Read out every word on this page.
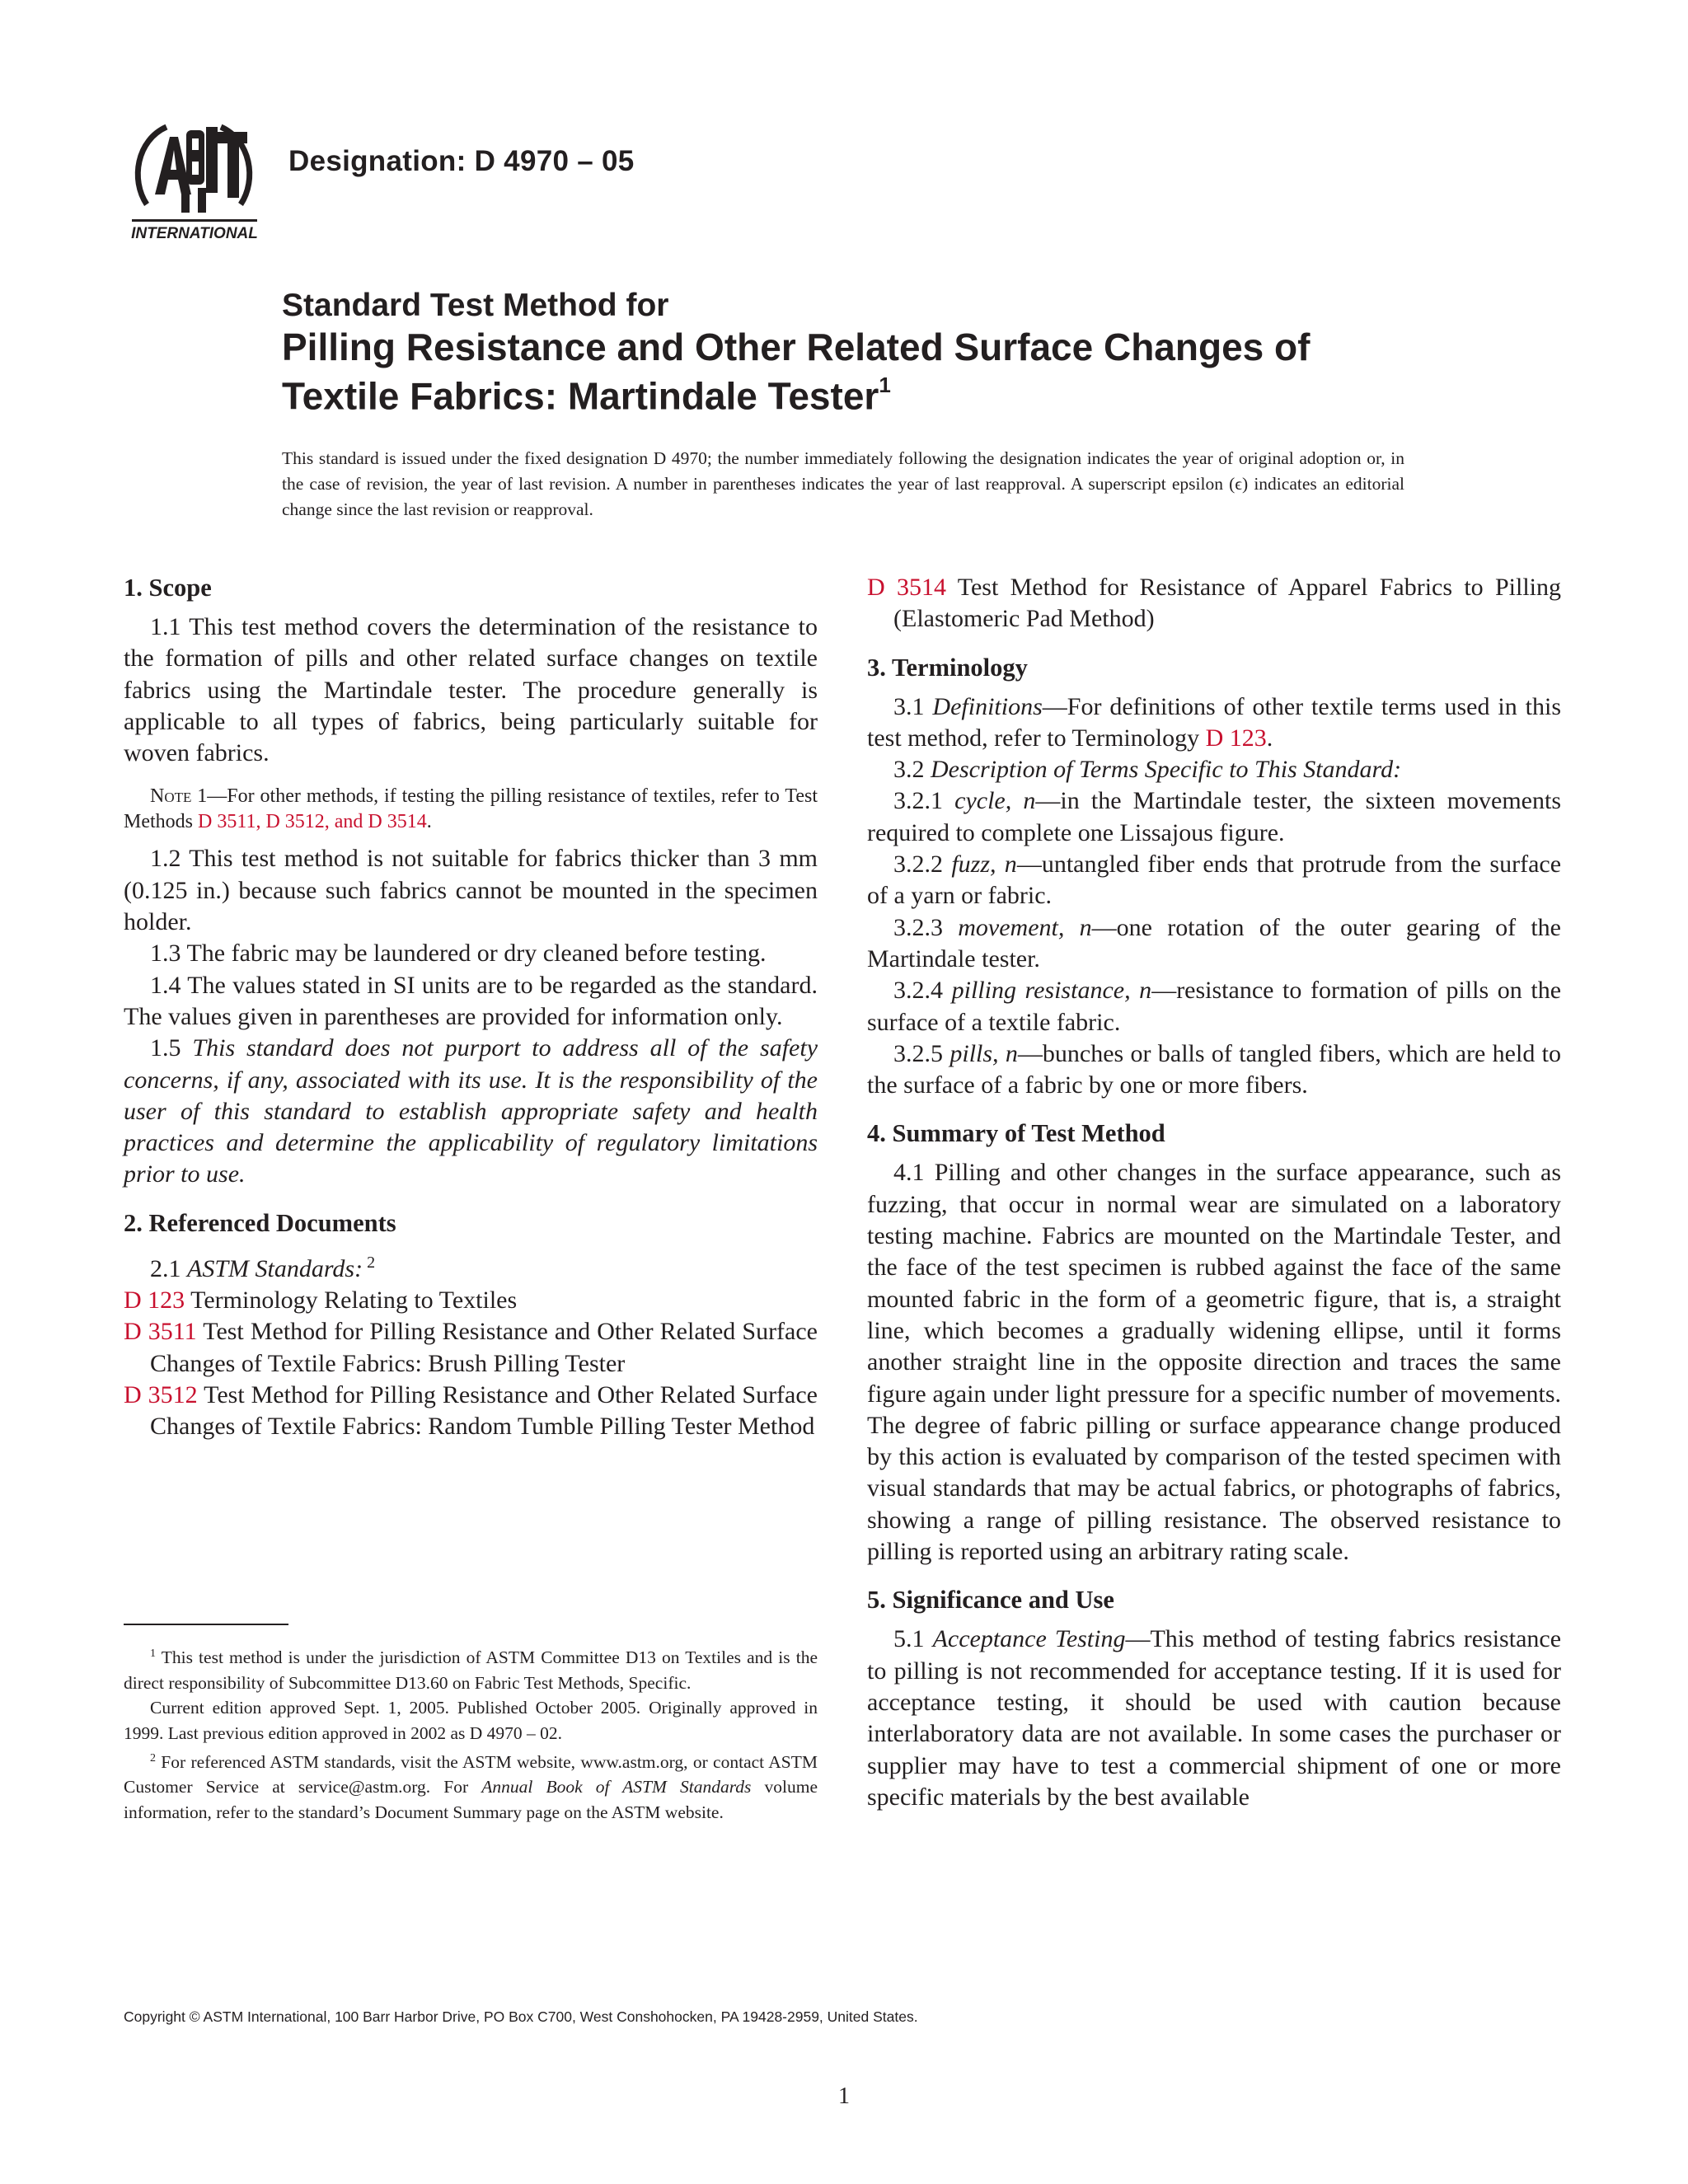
INTERNATIONAL
Designation: D 4970 – 05
Standard Test Method for
Pilling Resistance and Other Related Surface Changes of
Textile Fabrics: Martindale Tester$^1$
This standard is issued under the fixed designation D 4970; the number immediately following the designation indicates the year of original adoption or, in the case of revision, the year of last revision. A number in parentheses indicates the year of last reapproval. A superscript epsilon (ϵ) indicates an editorial change since the last revision or reapproval.
1. Scope

1.1 This test method covers the determination of the resistance to the formation of pills and other related surface changes on textile fabrics using the Martindale tester. The procedure generally is applicable to all types of fabrics, being particularly suitable for woven fabrics.

Note 1—For other methods, if testing the pilling resistance of textiles, refer to Test Methods D 3511, D 3512, and D 3514.

1.2 This test method is not suitable for fabrics thicker than 3 mm (0.125 in.) because such fabrics cannot be mounted in the specimen holder.

1.3 The fabric may be laundered or dry cleaned before testing.

1.4 The values stated in SI units are to be regarded as the standard. The values given in parentheses are provided for information only.

1.5 This standard does not purport to address all of the safety concerns, if any, associated with its use. It is the responsibility of the user of this standard to establish appropriate safety and health practices and determine the applicability of regulatory limitations prior to use.

2. Referenced Documents

2.1 ASTM Standards: $^2$

D 123 Terminology Relating to Textiles

D 3511 Test Method for Pilling Resistance and Other Related Surface Changes of Textile Fabrics: Brush Pilling Tester

D 3512 Test Method for Pilling Resistance and Other Related Surface Changes of Textile Fabrics: Random Tumble Pilling Tester Method

D 3514 Test Method for Resistance of Apparel Fabrics to Pilling (Elastomeric Pad Method)

3. Terminology

3.1 Definitions—For definitions of other textile terms used in this test method, refer to Terminology D 123.

3.2 Description of Terms Specific to This Standard:

3.2.1 cycle, n—in the Martindale tester, the sixteen movements required to complete one Lissajous figure.

3.2.2 fuzz, n—untangled fiber ends that protrude from the surface of a yarn or fabric.

3.2.3 movement, n—one rotation of the outer gearing of the Martindale tester.

3.2.4 pilling resistance, n—resistance to formation of pills on the surface of a textile fabric.

3.2.5 pills, n—bunches or balls of tangled fibers, which are held to the surface of a fabric by one or more fibers.

4. Summary of Test Method

4.1 Pilling and other changes in the surface appearance, such as fuzzing, that occur in normal wear are simulated on a laboratory testing machine. Fabrics are mounted on the Martindale Tester, and the face of the test specimen is rubbed against the face of the same mounted fabric in the form of a geometric figure, that is, a straight line, which becomes a gradually widening ellipse, until it forms another straight line in the opposite direction and traces the same figure again under light pressure for a specific number of movements. The degree of fabric pilling or surface appearance change produced by this action is evaluated by comparison of the tested specimen with visual standards that may be actual fabrics, or photographs of fabrics, showing a range of pilling resistance. The observed resistance to pilling is reported using an arbitrary rating scale.

5. Significance and Use

5.1 Acceptance Testing—This method of testing fabrics resistance to pilling is not recommended for acceptance testing. If it is used for acceptance testing, it should be used with caution because interlaboratory data are not available. In some cases the purchaser or supplier may have to test a commercial shipment of one or more specific materials by the best available

$^1$ This test method is under the jurisdiction of ASTM Committee D13 on Textiles and is the direct responsibility of Subcommittee D13.60 on Fabric Test Methods, Specific.

Current edition approved Sept. 1, 2005. Published October 2005. Originally approved in 1999. Last previous edition approved in 2002 as D 4970 – 02.

$^2$ For referenced ASTM standards, visit the ASTM website, www.astm.org, or contact ASTM Customer Service at service@astm.org. For Annual Book of ASTM Standards volume information, refer to the standard’s Document Summary page on the ASTM website.

Copyright © ASTM International, 100 Barr Harbor Drive, PO Box C700, West Conshohocken, PA 19428-2959, United States.
1
